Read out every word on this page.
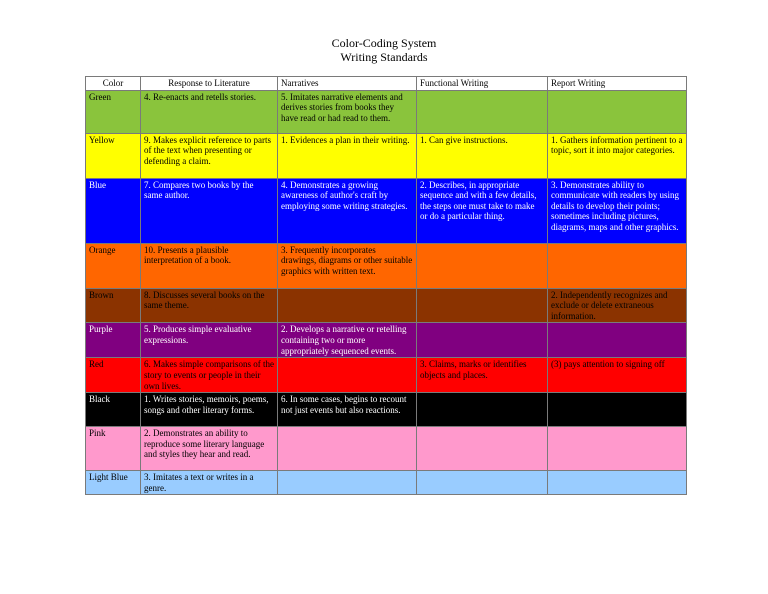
Color-Coding System
Writing Standards
Color	Response to Literature	Narratives	Functional Writing	Report Writing
Green	4. Re-enacts and retells stories.	5. Imitates narrative elements and derives stories from books they have read or had read to them.		
Yellow	9. Makes explicit reference to parts of the text when presenting or defending a claim.	1. Evidences a plan in their writing.	1. Can give instructions.	1. Gathers information pertinent to a topic, sort it into major categories.
Blue	7. Compares two books by the same author.	4. Demonstrates a growing awareness of author's craft by employing some writing strategies.	2. Describes, in appropriate sequence and with a few details, the steps one must take to make or do a particular thing.	3. Demonstrates ability to communicate with readers by using details to develop their points; sometimes including pictures, diagrams, maps and other graphics.
Orange	10. Presents a plausible interpretation of a book.	3. Frequently incorporates drawings, diagrams or other suitable graphics with written text.		
Brown	8. Discusses several books on the same theme.			2. Independently recognizes and exclude or delete extraneous information.
Purple	5. Produces simple evaluative expressions.	2. Develops a narrative or retelling containing two or more appropriately sequenced events.		
Red	6. Makes simple comparisons of the story to events or people in their own lives.		3. Claims, marks or identifies objects and places.	(3) pays attention to signing off
Black	1. Writes stories, memoirs, poems, songs and other literary forms.	6. In some cases, begins to recount not just events but also reactions.		
Pink	2. Demonstrates an ability to reproduce some literary language and styles they hear and read.			
Light Blue	3. Imitates a text or writes in a genre.			
